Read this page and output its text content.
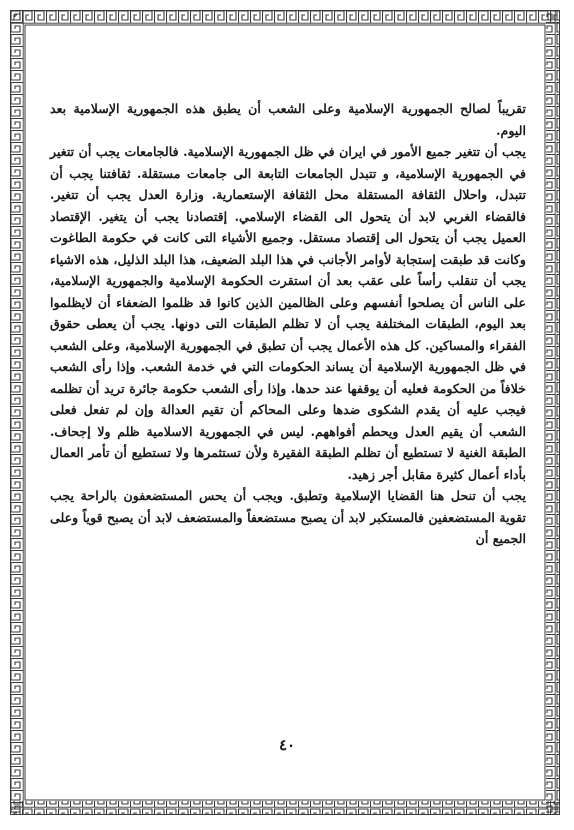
تقريباً لصالح الجمهورية الإسلامية وعلى الشعب أن يطبق هذه الجمهورية الإسلامية بعد اليوم.

يجب أن تتغير جميع الأمور في ايران في ظل الجمهورية الإسلامية. فالجامعات يجب أن تتغير في الجمهورية الإسلامية، و تتبدل الجامعات التابعة الى جامعات مستقلة. ثقافتنا يجب أن تتبدل، واحلال الثقافة المستقلة محل الثقافة الإستعمارية. وزارة العدل يجب أن تتغير. فالقضاء الغربي لابد أن يتحول الى القضاء الإسلامي. إقتصادنا يجب أن يتغير. الإقتصاد العميل يجب أن يتحول الى إقتصاد مستقل. وجميع الأشياء التى كانت في حكومة الطاغوت وكانت قد طبقت إستجابة لأوامر الأجانب في هذا البلد الضعيف، هذا البلد الذليل، هذه الاشياء يجب أن تنقلب رأساً على عقب بعد أن استقرت الحكومة الإسلامية والجمهورية الإسلامية، على الناس أن يصلحوا أنفسهم وعلى الظالمين الذين كانوا قد ظلموا الضعفاء أن لايظلموا بعد اليوم، الطبقات المختلفة يجب أن لا تظلم الطبقات التى دونها. يجب أن يعطى حقوق الفقراء والمساكين. كل هذه الأعمال يجب أن تطبق في الجمهورية الإسلامية، وعلى الشعب في ظل الجمهورية الإسلامية أن يساند الحكومات التي في خدمة الشعب. وإذا رأى الشعب خلافاً من الحكومة فعليه أن يوقفها عند حدها. وإذا رأى الشعب حكومة جائرة تريد أن تظلمه فيجب عليه أن يقدم الشكوى ضدها وعلى المحاكم أن تقيم العدالة وإن لم تفعل فعلى الشعب أن يقيم العدل ويحطم أفواههم. ليس في الجمهورية الاسلامية ظلم ولا إجحاف. الطبقة الغنية لا تستطيع أن تظلم الطبقة الفقيرة ولأن تستثمرها ولا تستطيع أن تأمر العمال بأداء أعمال كثيرة مقابل أجر زهيد.

يجب أن تنحل هنا القضايا الإسلامية وتطبق. ويجب أن يحس المستضعفون بالراحة يجب تقوية المستضعفين فالمستكبر لابد أن يصبح مستضعفاً والمستضعف لابد أن يصبح قوياً وعلى الجميع أن

٤٠
